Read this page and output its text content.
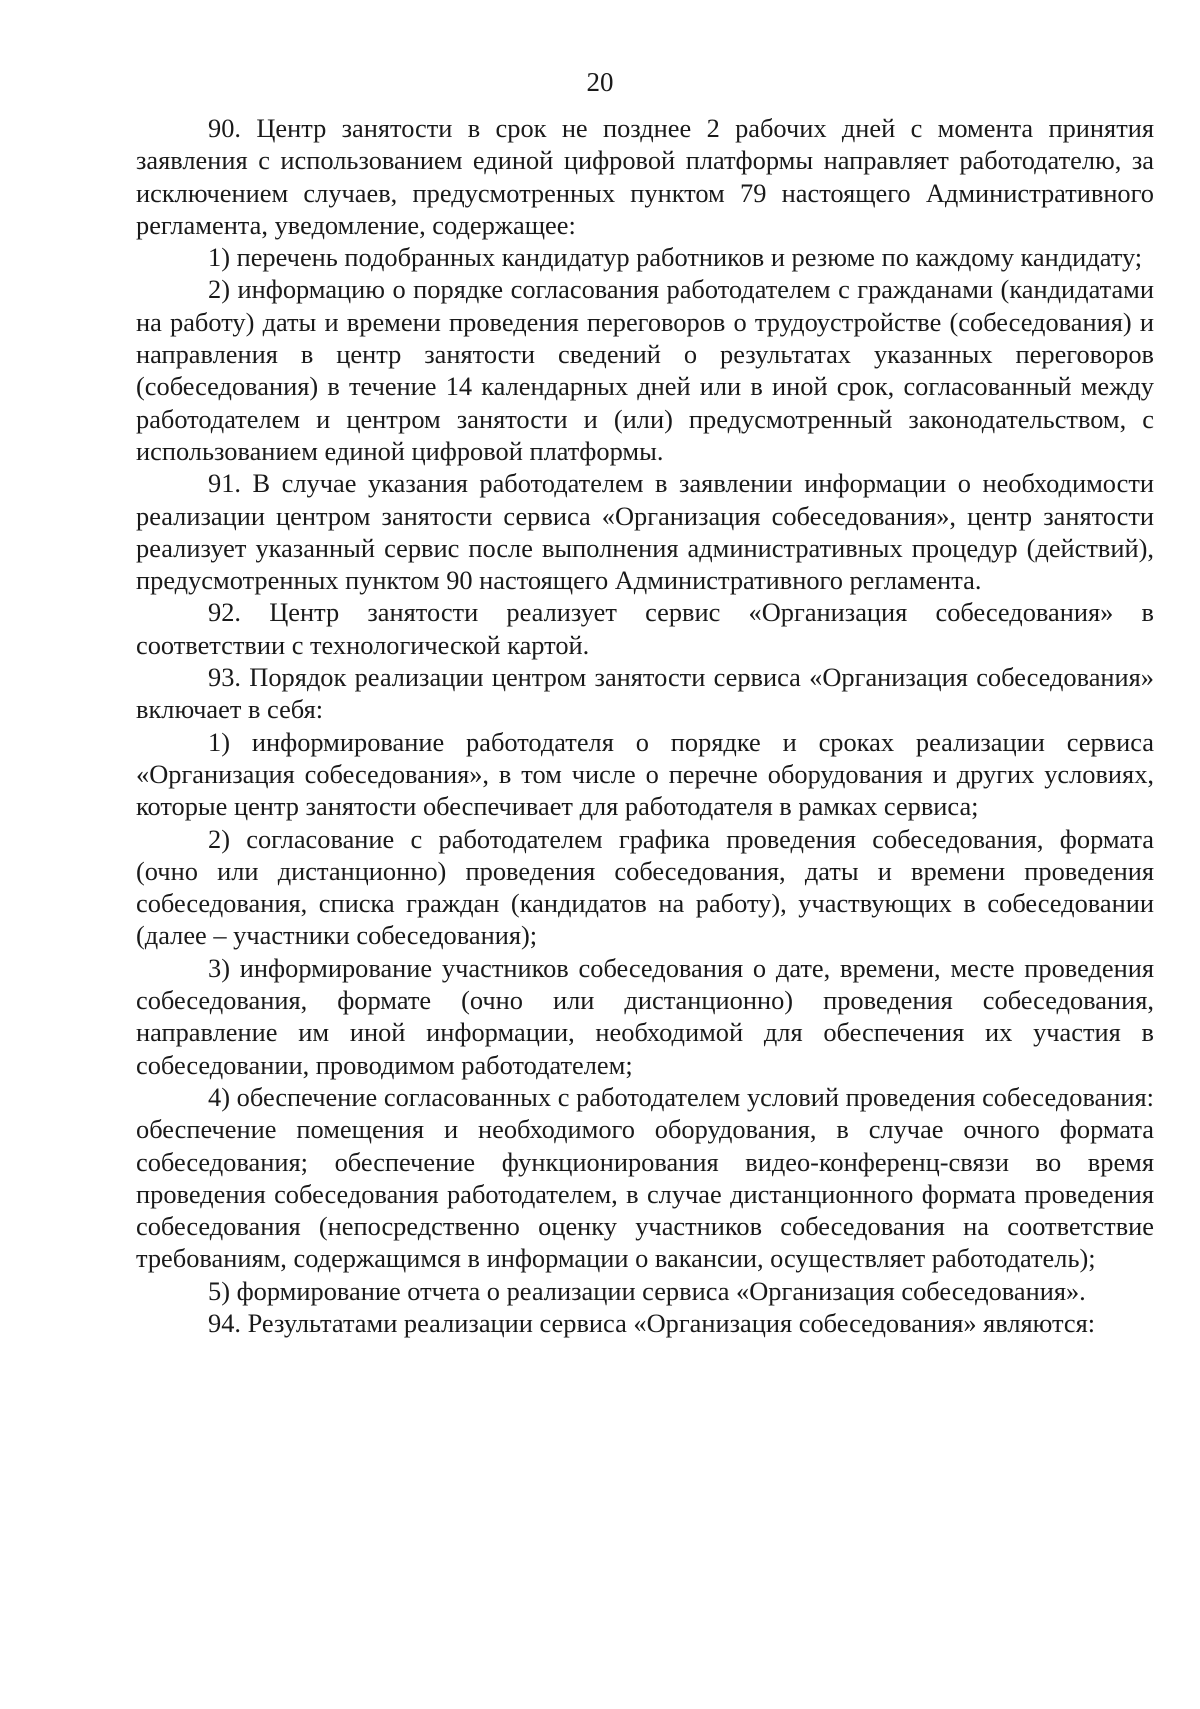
20

90. Центр занятости в срок не позднее 2 рабочих дней с момента принятия заявления с использованием единой цифровой платформы направляет работодателю, за исключением случаев, предусмотренных пунктом 79 настоящего Административного регламента, уведомление, содержащее:

1) перечень подобранных кандидатур работников и резюме по каждому кандидату;

2) информацию о порядке согласования работодателем с гражданами (кандидатами на работу) даты и времени проведения переговоров о трудоустройстве (собеседования) и направления в центр занятости сведений о результатах указанных переговоров (собеседования) в течение 14 календарных дней или в иной срок, согласованный между работодателем и центром занятости и (или) предусмотренный законодательством, с использованием единой цифровой платформы.

91. В случае указания работодателем в заявлении информации о необходимости реализации центром занятости сервиса «Организация собеседования», центр занятости реализует указанный сервис после выполнения административных процедур (действий), предусмотренных пунктом 90 настоящего Административного регламента.

92. Центр занятости реализует сервис «Организация собеседования» в соответствии с технологической картой.

93. Порядок реализации центром занятости сервиса «Организация собеседования» включает в себя:

1) информирование работодателя о порядке и сроках реализации сервиса «Организация собеседования», в том числе о перечне оборудования и других условиях, которые центр занятости обеспечивает для работодателя в рамках сервиса;

2) согласование с работодателем графика проведения собеседования, формата (очно или дистанционно) проведения собеседования, даты и времени проведения собеседования, списка граждан (кандидатов на работу), участвующих в собеседовании (далее – участники собеседования);

3) информирование участников собеседования о дате, времени, месте проведения собеседования, формате (очно или дистанционно) проведения собеседования, направление им иной информации, необходимой для обеспечения их участия в собеседовании, проводимом работодателем;

4) обеспечение согласованных с работодателем условий проведения собеседования: обеспечение помещения и необходимого оборудования, в случае очного формата собеседования; обеспечение функционирования видео-конференц-связи во время проведения собеседования работодателем, в случае дистанционного формата проведения собеседования (непосредственно оценку участников собеседования на соответствие требованиям, содержащимся в информации о вакансии, осуществляет работодатель);

5) формирование отчета о реализации сервиса «Организация собеседования».

94. Результатами реализации сервиса «Организация собеседования» являются:
